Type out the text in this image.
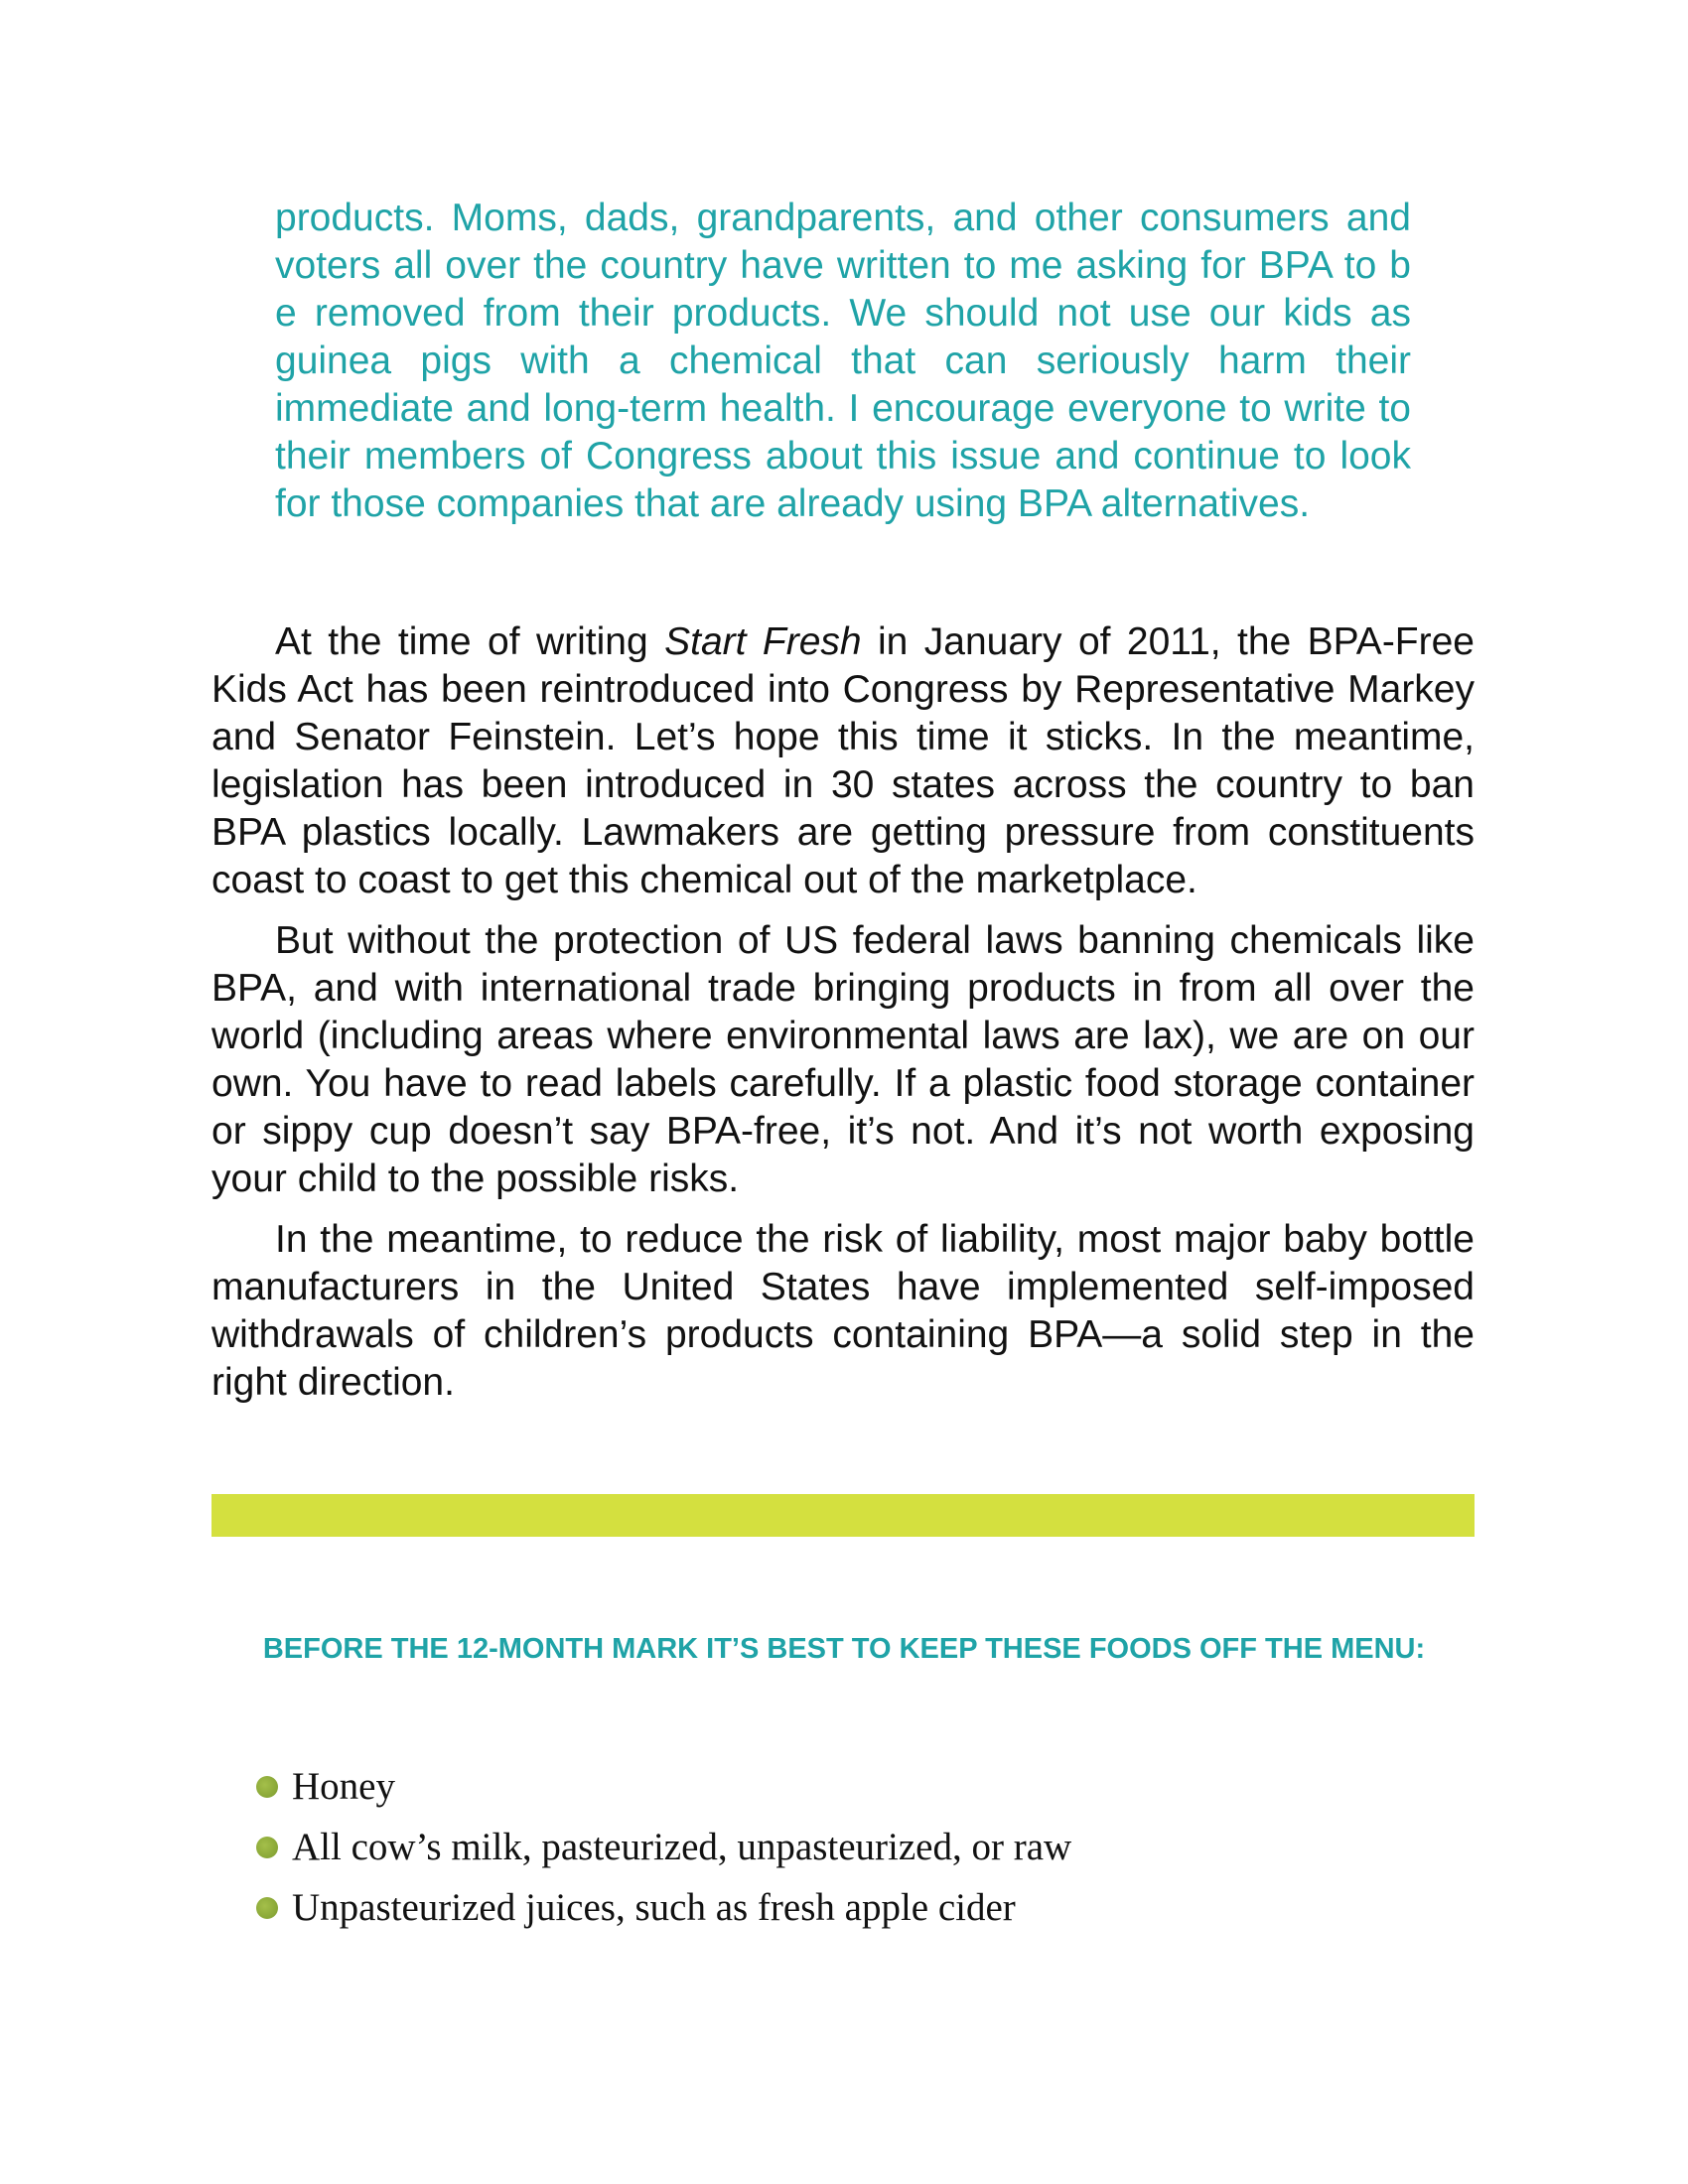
products. Moms, dads, grandparents, and other consumers and voters all over the country have written to me asking for BPA to b e removed from their products. We should not use our kids as guinea pigs with a chemical that can seriously harm their immediate and long-term health. I encourage everyone to write to their members of Congress about this issue and continue to look for those companies that are already using BPA alternatives.

At the time of writing Start Fresh in January of 2011, the BPA-Free Kids Act has been reintroduced into Congress by Representative Markey and Senator Feinstein. Let’s hope this time it sticks. In the meantime, legislation has been introduced in 30 states across the country to ban BPA plastics locally. Lawmakers are getting pressure from constituents coast to coast to get this chemical out of the marketplace.

But without the protection of US federal laws banning chemicals like BPA, and with international trade bringing products in from all over the world (including areas where environmental laws are lax), we are on our own. You have to read labels carefully. If a plastic food storage container or sippy cup doesn’t say BPA-free, it’s not. And it’s not worth exposing your child to the possible risks.

In the meantime, to reduce the risk of liability, most major baby bottle manufacturers in the United States have implemented self-imposed withdrawals of children’s products containing BPA—a solid step in the right direction.

BEFORE THE 12-MONTH MARK IT’S BEST TO KEEP THESE FOODS OFF THE MENU:

Honey
All cow’s milk, pasteurized, unpasteurized, or raw
Unpasteurized juices, such as fresh apple cider
